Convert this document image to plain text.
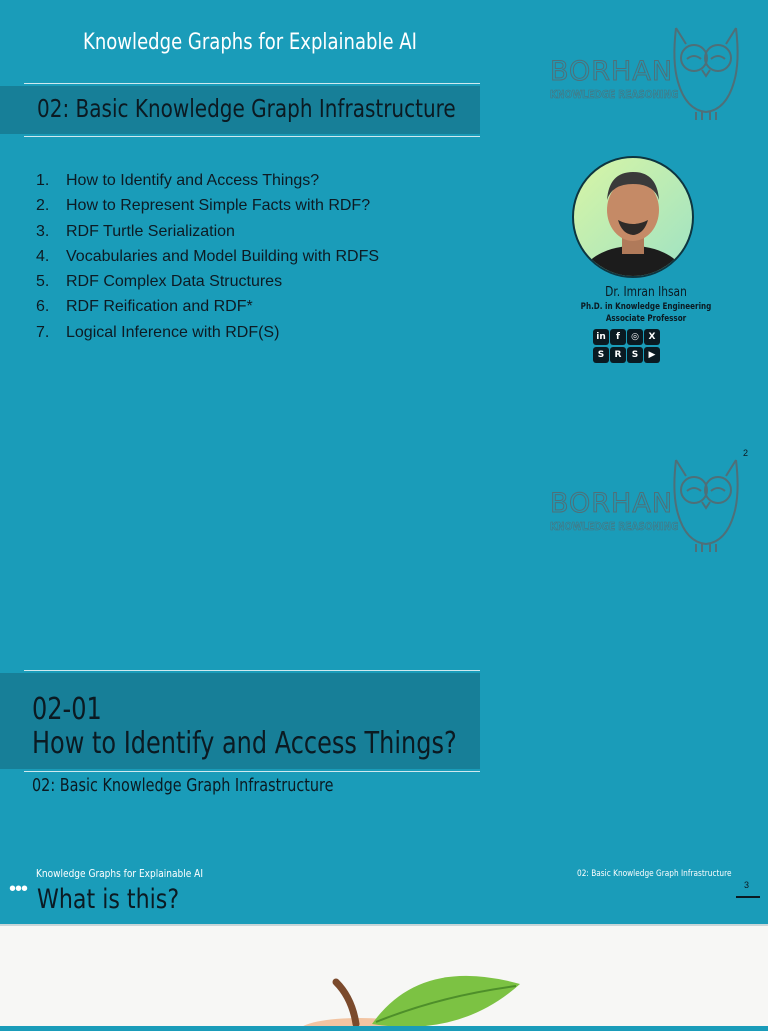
Knowledge Graphs for Explainable AI
02: Basic Knowledge Graph Infrastructure
1. How to Identify and Access Things?
2. How to Represent Simple Facts with RDF?
3. RDF Turtle Serialization
4. Vocabularies and Model Building with RDFS
5. RDF Complex Data Structures
6. RDF Reification and RDF*
7. Logical Inference with RDF(S)
BORHAN
KNOWLEDGE REASONING
Dr. Imran Ihsan
Ph.D. in Knowledge Engineering
Associate Professor
in f ◎ X S R S ▶
2
BORHAN
KNOWLEDGE REASONING
02-01
How to Identify and Access Things?
02: Basic Knowledge Graph Infrastructure
Knowledge Graphs for Explainable AI	02: Basic Knowledge Graph Infrastructure
••• What is this?	3
